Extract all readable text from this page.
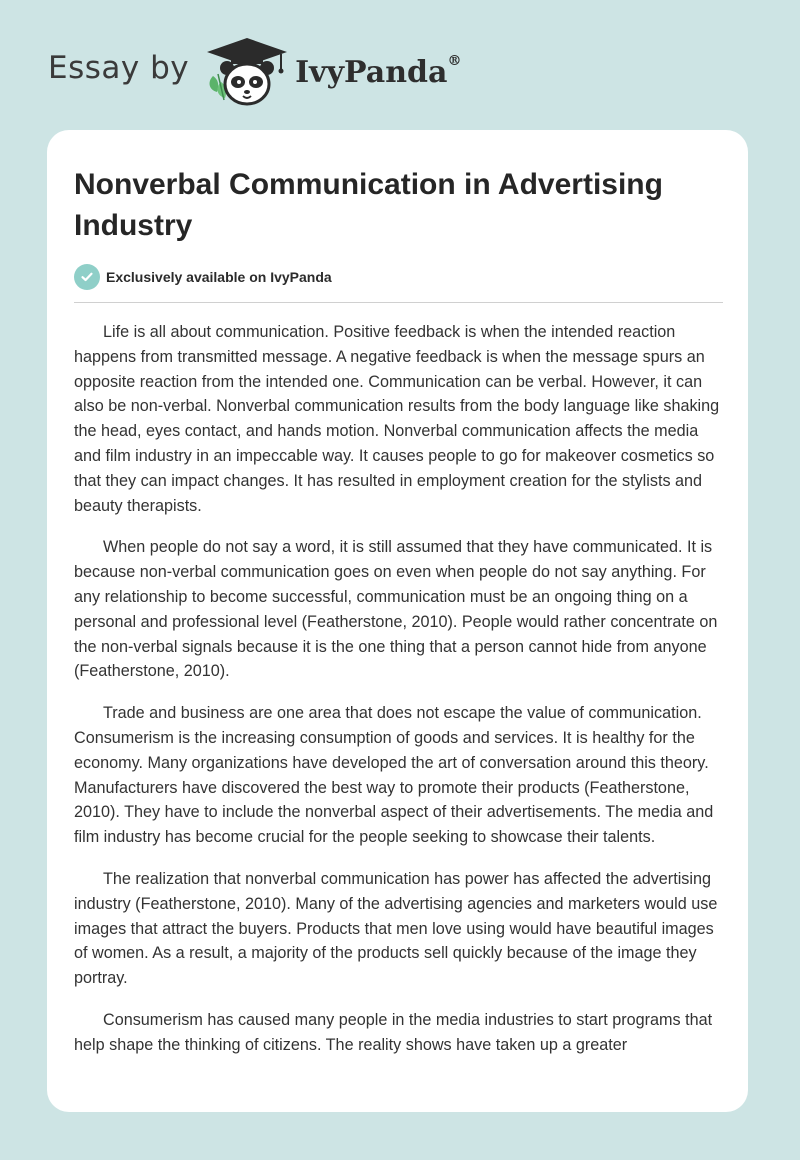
Essay by	IvyPanda®
Nonverbal Communication in Advertising Industry
Exclusively available on IvyPanda

Life is all about communication. Positive feedback is when the intended reaction happens from transmitted message. A negative feedback is when the message spurs an opposite reaction from the intended one. Communication can be verbal. However, it can also be non-verbal. Nonverbal communication results from the body language like shaking the head, eyes contact, and hands motion. Nonverbal communication affects the media and film industry in an impeccable way. It causes people to go for makeover cosmetics so that they can impact changes. It has resulted in employment creation for the stylists and beauty therapists.

When people do not say a word, it is still assumed that they have communicated. It is because non-verbal communication goes on even when people do not say anything. For any relationship to become successful, communication must be an ongoing thing on a personal and professional level (Featherstone, 2010). People would rather concentrate on the non-verbal signals because it is the one thing that a person cannot hide from anyone (Featherstone, 2010).

Trade and business are one area that does not escape the value of communication. Consumerism is the increasing consumption of goods and services. It is healthy for the economy. Many organizations have developed the art of conversation around this theory. Manufacturers have discovered the best way to promote their products (Featherstone, 2010). They have to include the nonverbal aspect of their advertisements. The media and film industry has become crucial for the people seeking to showcase their talents.

The realization that nonverbal communication has power has affected the advertising industry (Featherstone, 2010). Many of the advertising agencies and marketers would use images that attract the buyers. Products that men love using would have beautiful images of women. As a result, a majority of the products sell quickly because of the image they portray.

Consumerism has caused many people in the media industries to start programs that help shape the thinking of citizens. The reality shows have taken up a greater
